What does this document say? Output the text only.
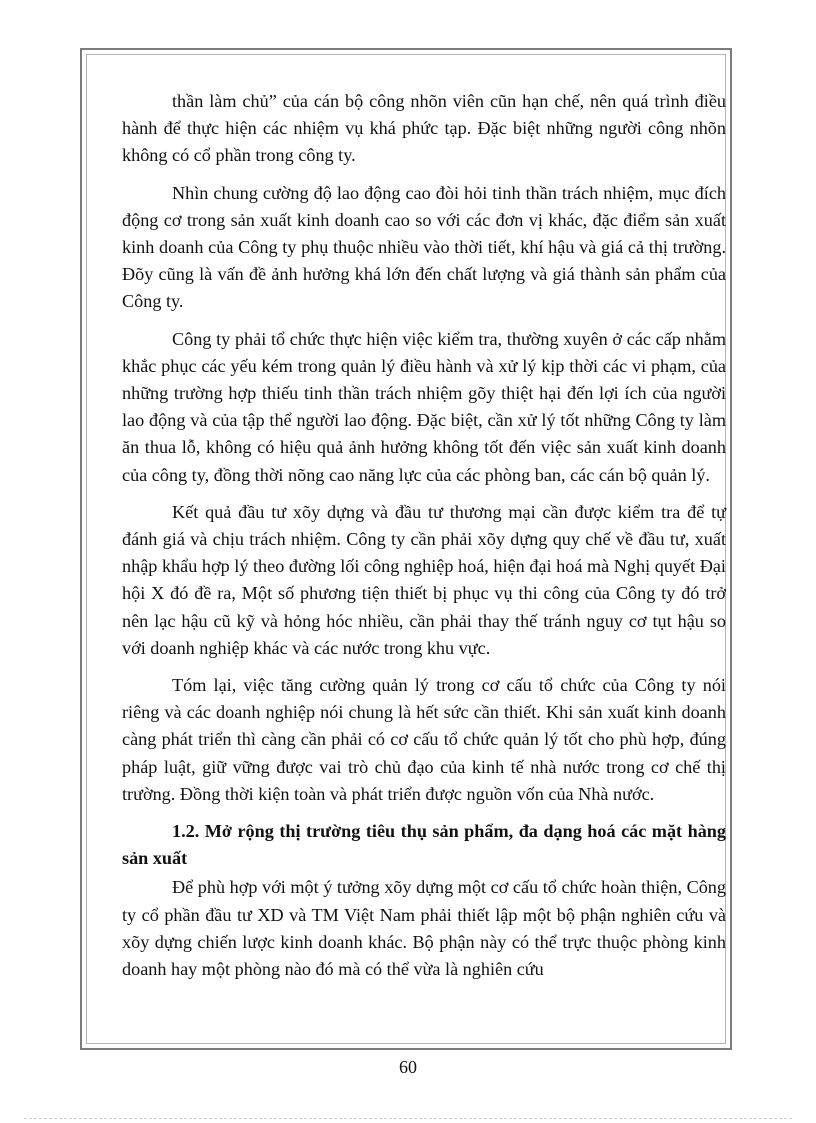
thần làm chủ” của cán bộ công nhõn viên cũn hạn chế, nên quá trình điều hành để thực hiện các nhiệm vụ khá phức tạp. Đặc biệt những người công nhõn không có cổ phần trong công ty.

Nhìn chung cường độ lao động cao đòi hỏi tinh thần trách nhiệm, mục đích động cơ trong sản xuất kinh doanh cao so với các đơn vị khác, đặc điểm sản xuất kinh doanh của Công ty phụ thuộc nhiều vào thời tiết, khí hậu và giá cả thị trường. Đõy cũng là vấn đề ảnh hưởng khá lớn đến chất lượng và giá thành sản phẩm của Công ty.

Công ty phải tổ chức thực hiện việc kiểm tra, thường xuyên ở các cấp nhằm khắc phục các yếu kém trong quản lý điều hành và xử lý kịp thời các vi phạm, của những trường hợp thiếu tinh thần trách nhiệm gõy thiệt hại đến lợi ích của người lao động và của tập thể người lao động. Đặc biệt, cần xử lý tốt những Công ty làm ăn thua lỗ, không có hiệu quả ảnh hưởng không tốt đến việc sản xuất kinh doanh của công ty, đồng thời nõng cao năng lực của các phòng ban, các cán bộ quản lý.

Kết quả đầu tư xõy dựng và đầu tư thương mại cần được kiểm tra để tự đánh giá và chịu trách nhiệm. Công ty cần phải xõy dựng quy chế về đầu tư, xuất nhập khẩu hợp lý theo đường lối công nghiệp hoá, hiện đại hoá mà Nghị quyết Đại hội X đó đề ra, Một số phương tiện thiết bị phục vụ thi công của Công ty đó trở nên lạc hậu cũ kỹ và hỏng hóc nhiều, cần phải thay thế tránh nguy cơ tụt hậu so với doanh nghiệp khác và các nước trong khu vực.

Tóm lại, việc tăng cường quản lý trong cơ cấu tổ chức của Công ty nói riêng và các doanh nghiệp nói chung là hết sức cần thiết. Khi sản xuất kinh doanh càng phát triển thì càng cần phải có cơ cấu tổ chức quản lý tốt cho phù hợp, đúng pháp luật, giữ vững được vai trò chủ đạo của kinh tế nhà nước trong cơ chế thị trường. Đồng thời kiện toàn và phát triển được nguồn vốn của Nhà nước.

1.2. Mở rộng thị trường tiêu thụ sản phẩm, đa dạng hoá các mặt hàng sản xuất

Để phù hợp với một ý tưởng xõy dựng một cơ cấu tổ chức hoàn thiện, Công ty cổ phần đầu tư XD và TM Việt Nam phải thiết lập một bộ phận nghiên cứu và xõy dựng chiến lược kinh doanh khác. Bộ phận này có thể trực thuộc phòng kinh doanh hay một phòng nào đó mà có thể vừa là nghiên cứu

60
